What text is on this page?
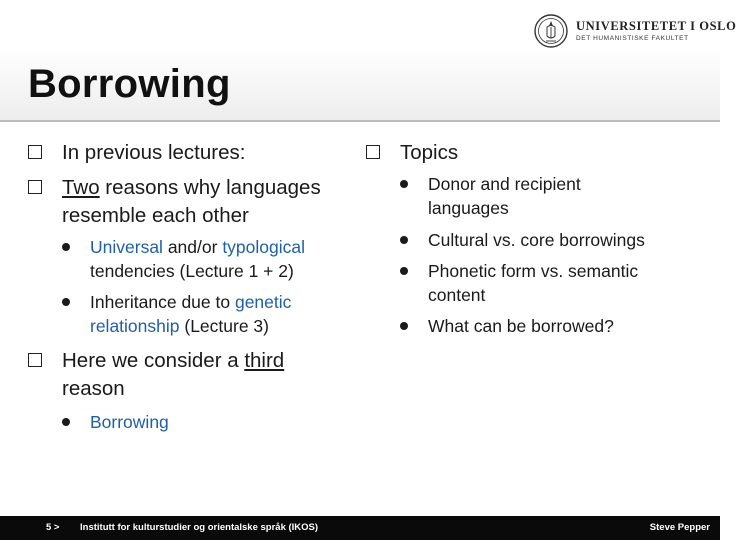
UNIVERSITETET I OSLO
DET HUMANISTISKE FAKULTET
Borrowing
In previous lectures:
Two reasons why languages resemble each other
Universal and/or typological tendencies (Lecture 1 + 2)
Inheritance due to genetic relationship (Lecture 3)
Here we consider a third reason
Borrowing
Topics
Donor and recipient languages
Cultural vs. core borrowings
Phonetic form vs. semantic content
What can be borrowed?
5 > Institutt for kulturstudier og orientalske språk (IKOS)	Steve Pepper
